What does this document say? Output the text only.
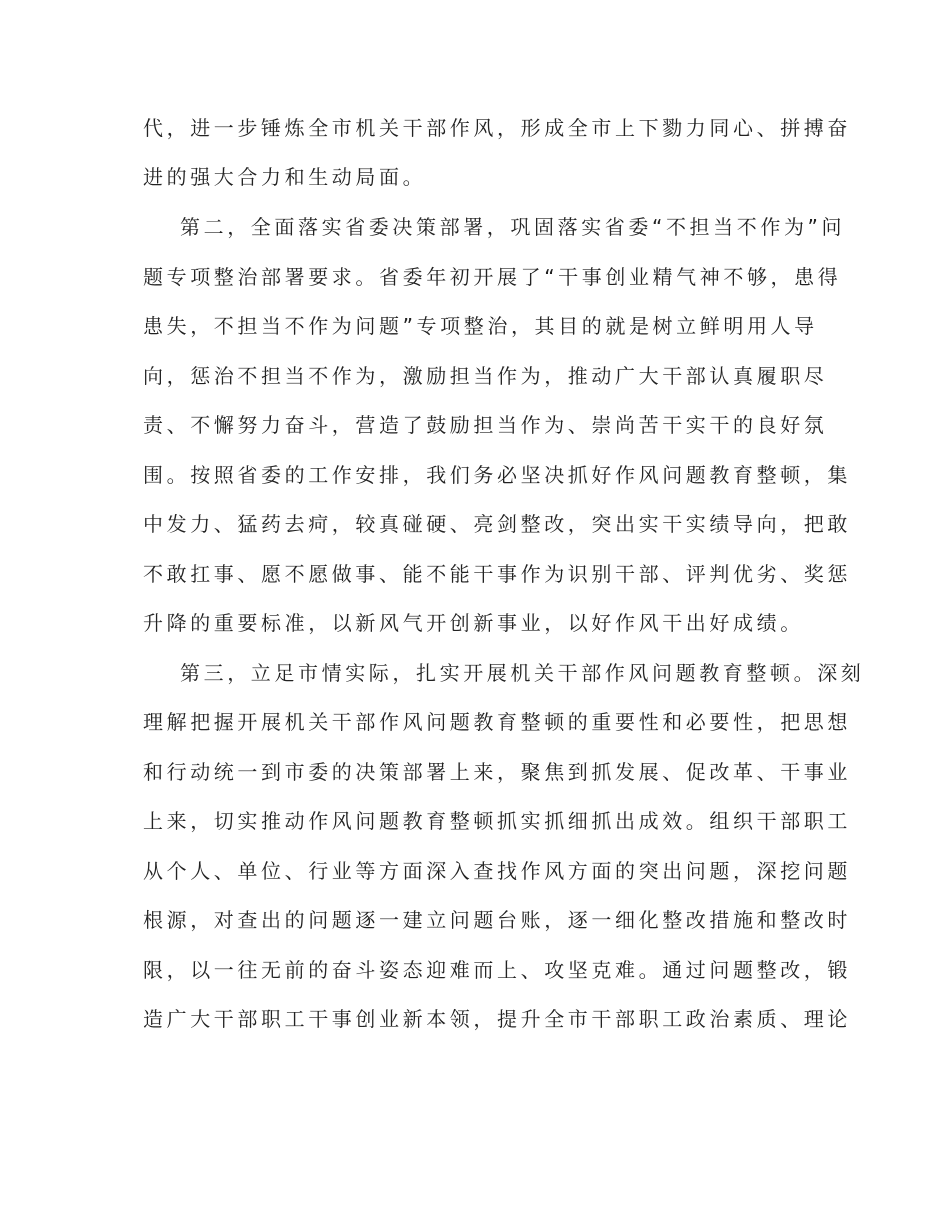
代，进一步锤炼全市机关干部作风，形成全市上下勠力同心、拼搏奋
进的强大合力和生动局面。
第二，全面落实省委决策部署，巩固落实省委“不担当不作为”问
题专项整治部署要求。省委年初开展了“干事创业精气神不够，患得
患失，不担当不作为问题”专项整治，其目的就是树立鲜明用人导
向，惩治不担当不作为，激励担当作为，推动广大干部认真履职尽
责、不懈努力奋斗，营造了鼓励担当作为、崇尚苦干实干的良好氛
围。按照省委的工作安排，我们务必坚决抓好作风问题教育整顿，集
中发力、猛药去疴，较真碰硬、亮剑整改，突出实干实绩导向，把敢
不敢扛事、愿不愿做事、能不能干事作为识别干部、评判优劣、奖惩
升降的重要标准，以新风气开创新事业，以好作风干出好成绩。
第三，立足市情实际，扎实开展机关干部作风问题教育整顿。深刻
理解把握开展机关干部作风问题教育整顿的重要性和必要性，把思想
和行动统一到市委的决策部署上来，聚焦到抓发展、促改革、干事业
上来，切实推动作风问题教育整顿抓实抓细抓出成效。组织干部职工
从个人、单位、行业等方面深入查找作风方面的突出问题，深挖问题
根源，对查出的问题逐一建立问题台账，逐一细化整改措施和整改时
限，以一往无前的奋斗姿态迎难而上、攻坚克难。通过问题整改，锻
造广大干部职工干事创业新本领，提升全市干部职工政治素质、理论
